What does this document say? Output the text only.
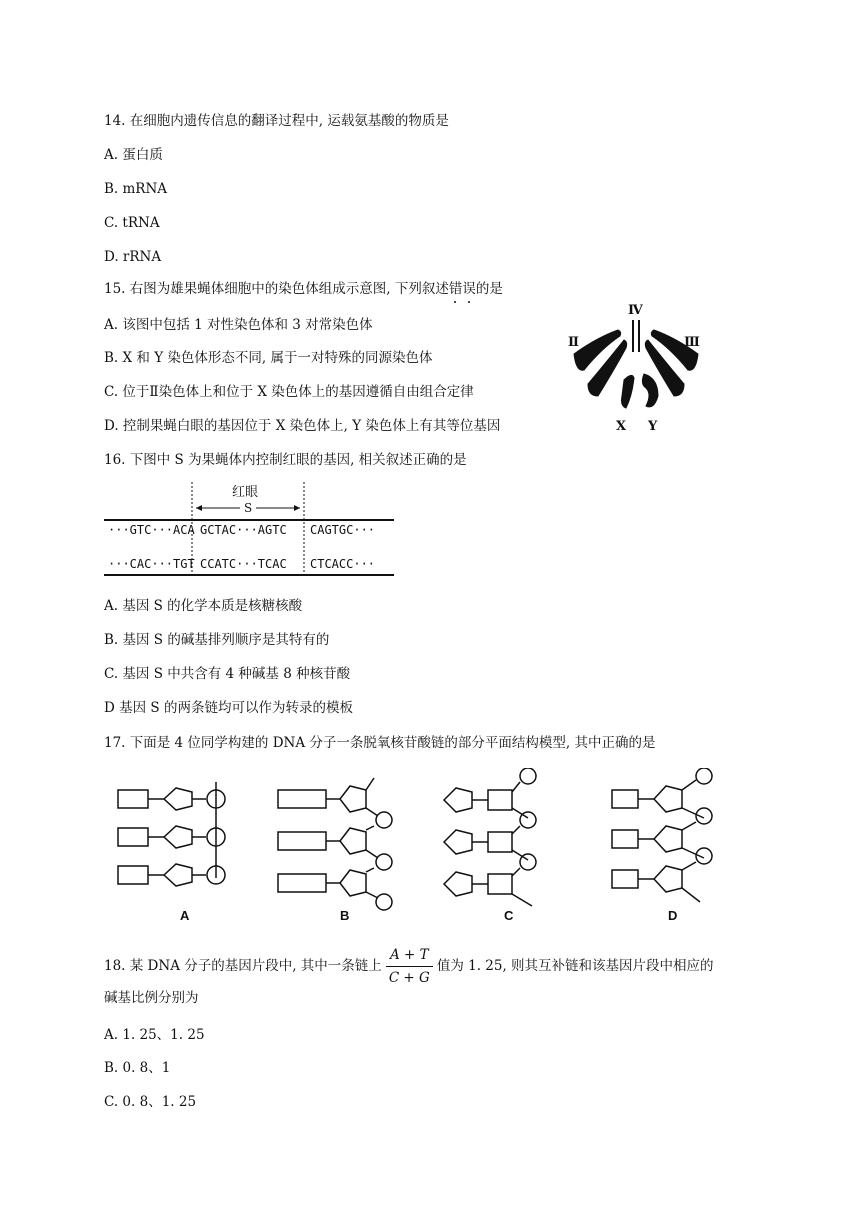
14. 在细胞内遗传信息的翻译过程中, 运载氨基酸的物质是
A. 蛋白质
B. mRNA
C. tRNA
D. rRNA
15. 右图为雄果蝇体细胞中的染色体组成示意图, 下列叙述错误的是
A. 该图中包括 1 对性染色体和 3 对常染色体
B. X 和 Y 染色体形态不同, 属于一对特殊的同源染色体
C. 位于Ⅱ染色体上和位于 X 染色体上的基因遵循自由组合定律
D. 控制果蝇白眼的基因位于 X 染色体上, Y 染色体上有其等位基因
Ⅳ
Ⅱ	Ⅲ
X Y
16. 下图中 S 为果蝇体内控制红眼的基因, 相关叙述正确的是
红眼
S
···GTC···ACA GCTAC···AGTC CAGTGC···
···CAC···TGT CCATC···TCAC CTCACC···
A. 基因 S 的化学本质是核糖核酸
B. 基因 S 的碱基排列顺序是其特有的
C. 基因 S 中共含有 4 种碱基 8 种核苷酸
D 基因 S 的两条链均可以作为转录的模板
17. 下面是 4 位同学构建的 DNA 分子一条脱氧核苷酸链的部分平面结构模型, 其中正确的是
A	B	C	D
18. 某 DNA 分子的基因片段中, 其中一条链上 $\frac{A + T}{C + G}$ 值为 1. 25, 则其互补链和该基因片段中相应的
碱基比例分别为
A. 1. 25、1. 25
B. 0. 8、1
C. 0. 8、1. 25
